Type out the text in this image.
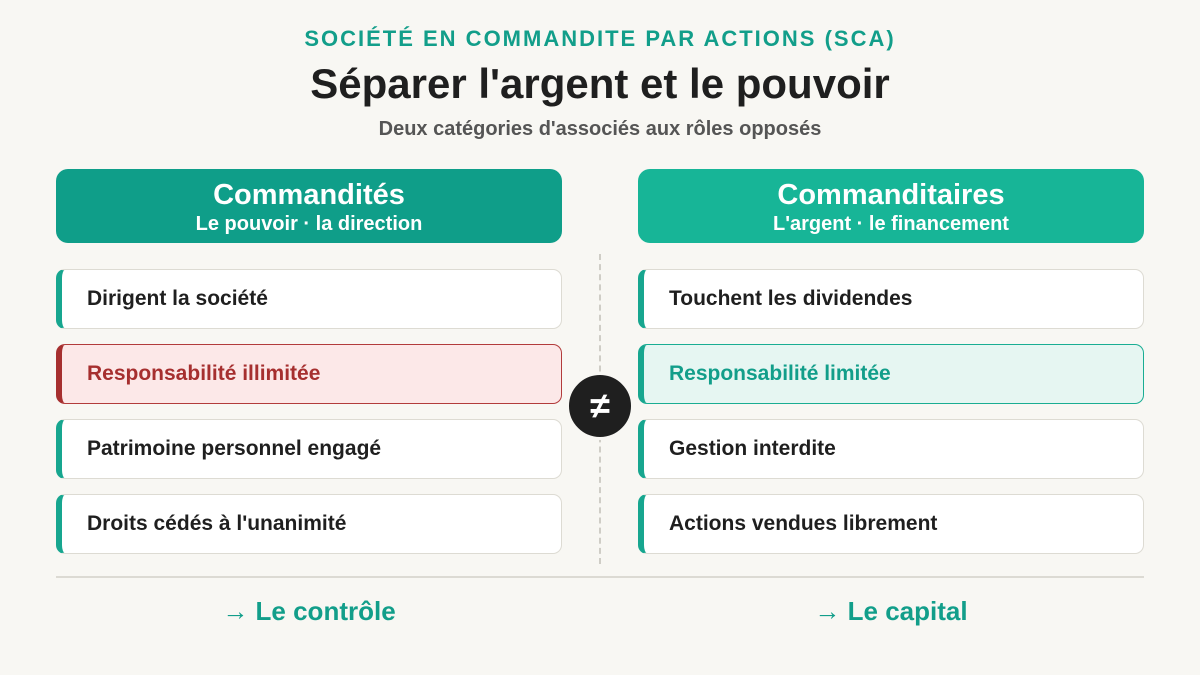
SOCIÉTÉ EN COMMANDITE PAR ACTIONS (SCA)
Séparer l'argent et le pouvoir
Deux catégories d'associés aux rôles opposés
Commandités
Le pouvoir · la direction
Dirigent la société
Responsabilité illimitée
Patrimoine personnel engagé
Droits cédés à l'unanimité
≠
Commanditaires
L'argent · le financement
Touchent les dividendes
Responsabilité limitée
Gestion interdite
Actions vendues librement
→ Le contrôle	→ Le capital
